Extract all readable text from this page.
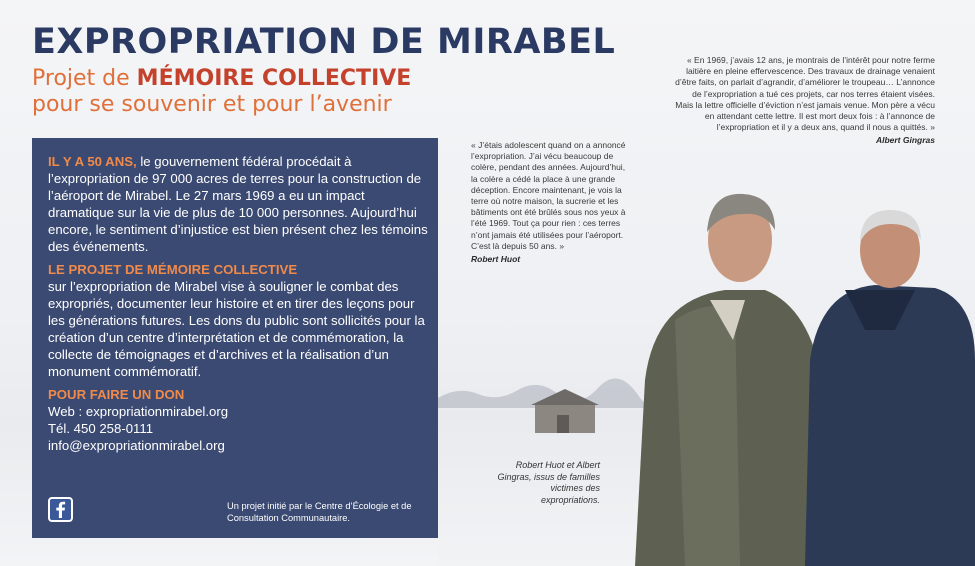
EXPROPRIATION DE MIRABEL

Projet de MÉMOIRE COLLECTIVE
pour se souvenir et pour l’avenir

IL Y A 50 ANS, le gouvernement fédéral procédait à l’expropriation de 97 000 acres de terres pour la construction de l’aéroport de Mirabel. Le 27 mars 1969 a eu un impact dramatique sur la vie de plus de 10 000 personnes. Aujourd’hui encore, le sentiment d’injustice est bien présent chez les témoins des événements.

LE PROJET DE MÉMOIRE COLLECTIVE

sur l’expropriation de Mirabel vise à souligner le combat des expropriés, documenter leur histoire et en tirer des leçons pour les générations futures. Les dons du public sont sollicités pour la création d’un centre d’interprétation et de commémoration, la collecte de témoignages et d’archives et la réalisation d’un monument commémoratif.

POUR FAIRE UN DON

Web : expropriationmirabel.org

Tél. 450 258-0111

info@expropriationmirabel.org

Un projet initié par le Centre d’Écologie et de Consultation Communautaire.

« J’étais adolescent quand on a annoncé l’expropriation. J’ai vécu beaucoup de colère, pendant des années. Aujourd’hui, la colère a cédé la place à une grande déception. Encore maintenant, je vois la terre où notre maison, la sucrerie et les bâtiments ont été brûlés sous nos yeux à l’été 1969. Tout ça pour rien : ces terres n’ont jamais été utilisées pour l’aéroport. C’est là depuis 50 ans. »
Robert Huot

« En 1969, j’avais 12 ans, je montrais de l’intérêt pour notre ferme laitière en pleine effervescence. Des travaux de drainage venaient d’être faits, on parlait d’agrandir, d’améliorer le troupeau… L’annonce de l’expropriation a tué ces projets, car nos terres étaient visées. Mais la lettre officielle d’éviction n’est jamais venue. Mon père a vécu en attendant cette lettre. Il est mort deux fois : à l’annonce de l’expropriation et il y a deux ans, quand il nous a quittés. »
Albert Gingras

Robert Huot et Albert Gingras, issus de familles victimes des expropriations.
